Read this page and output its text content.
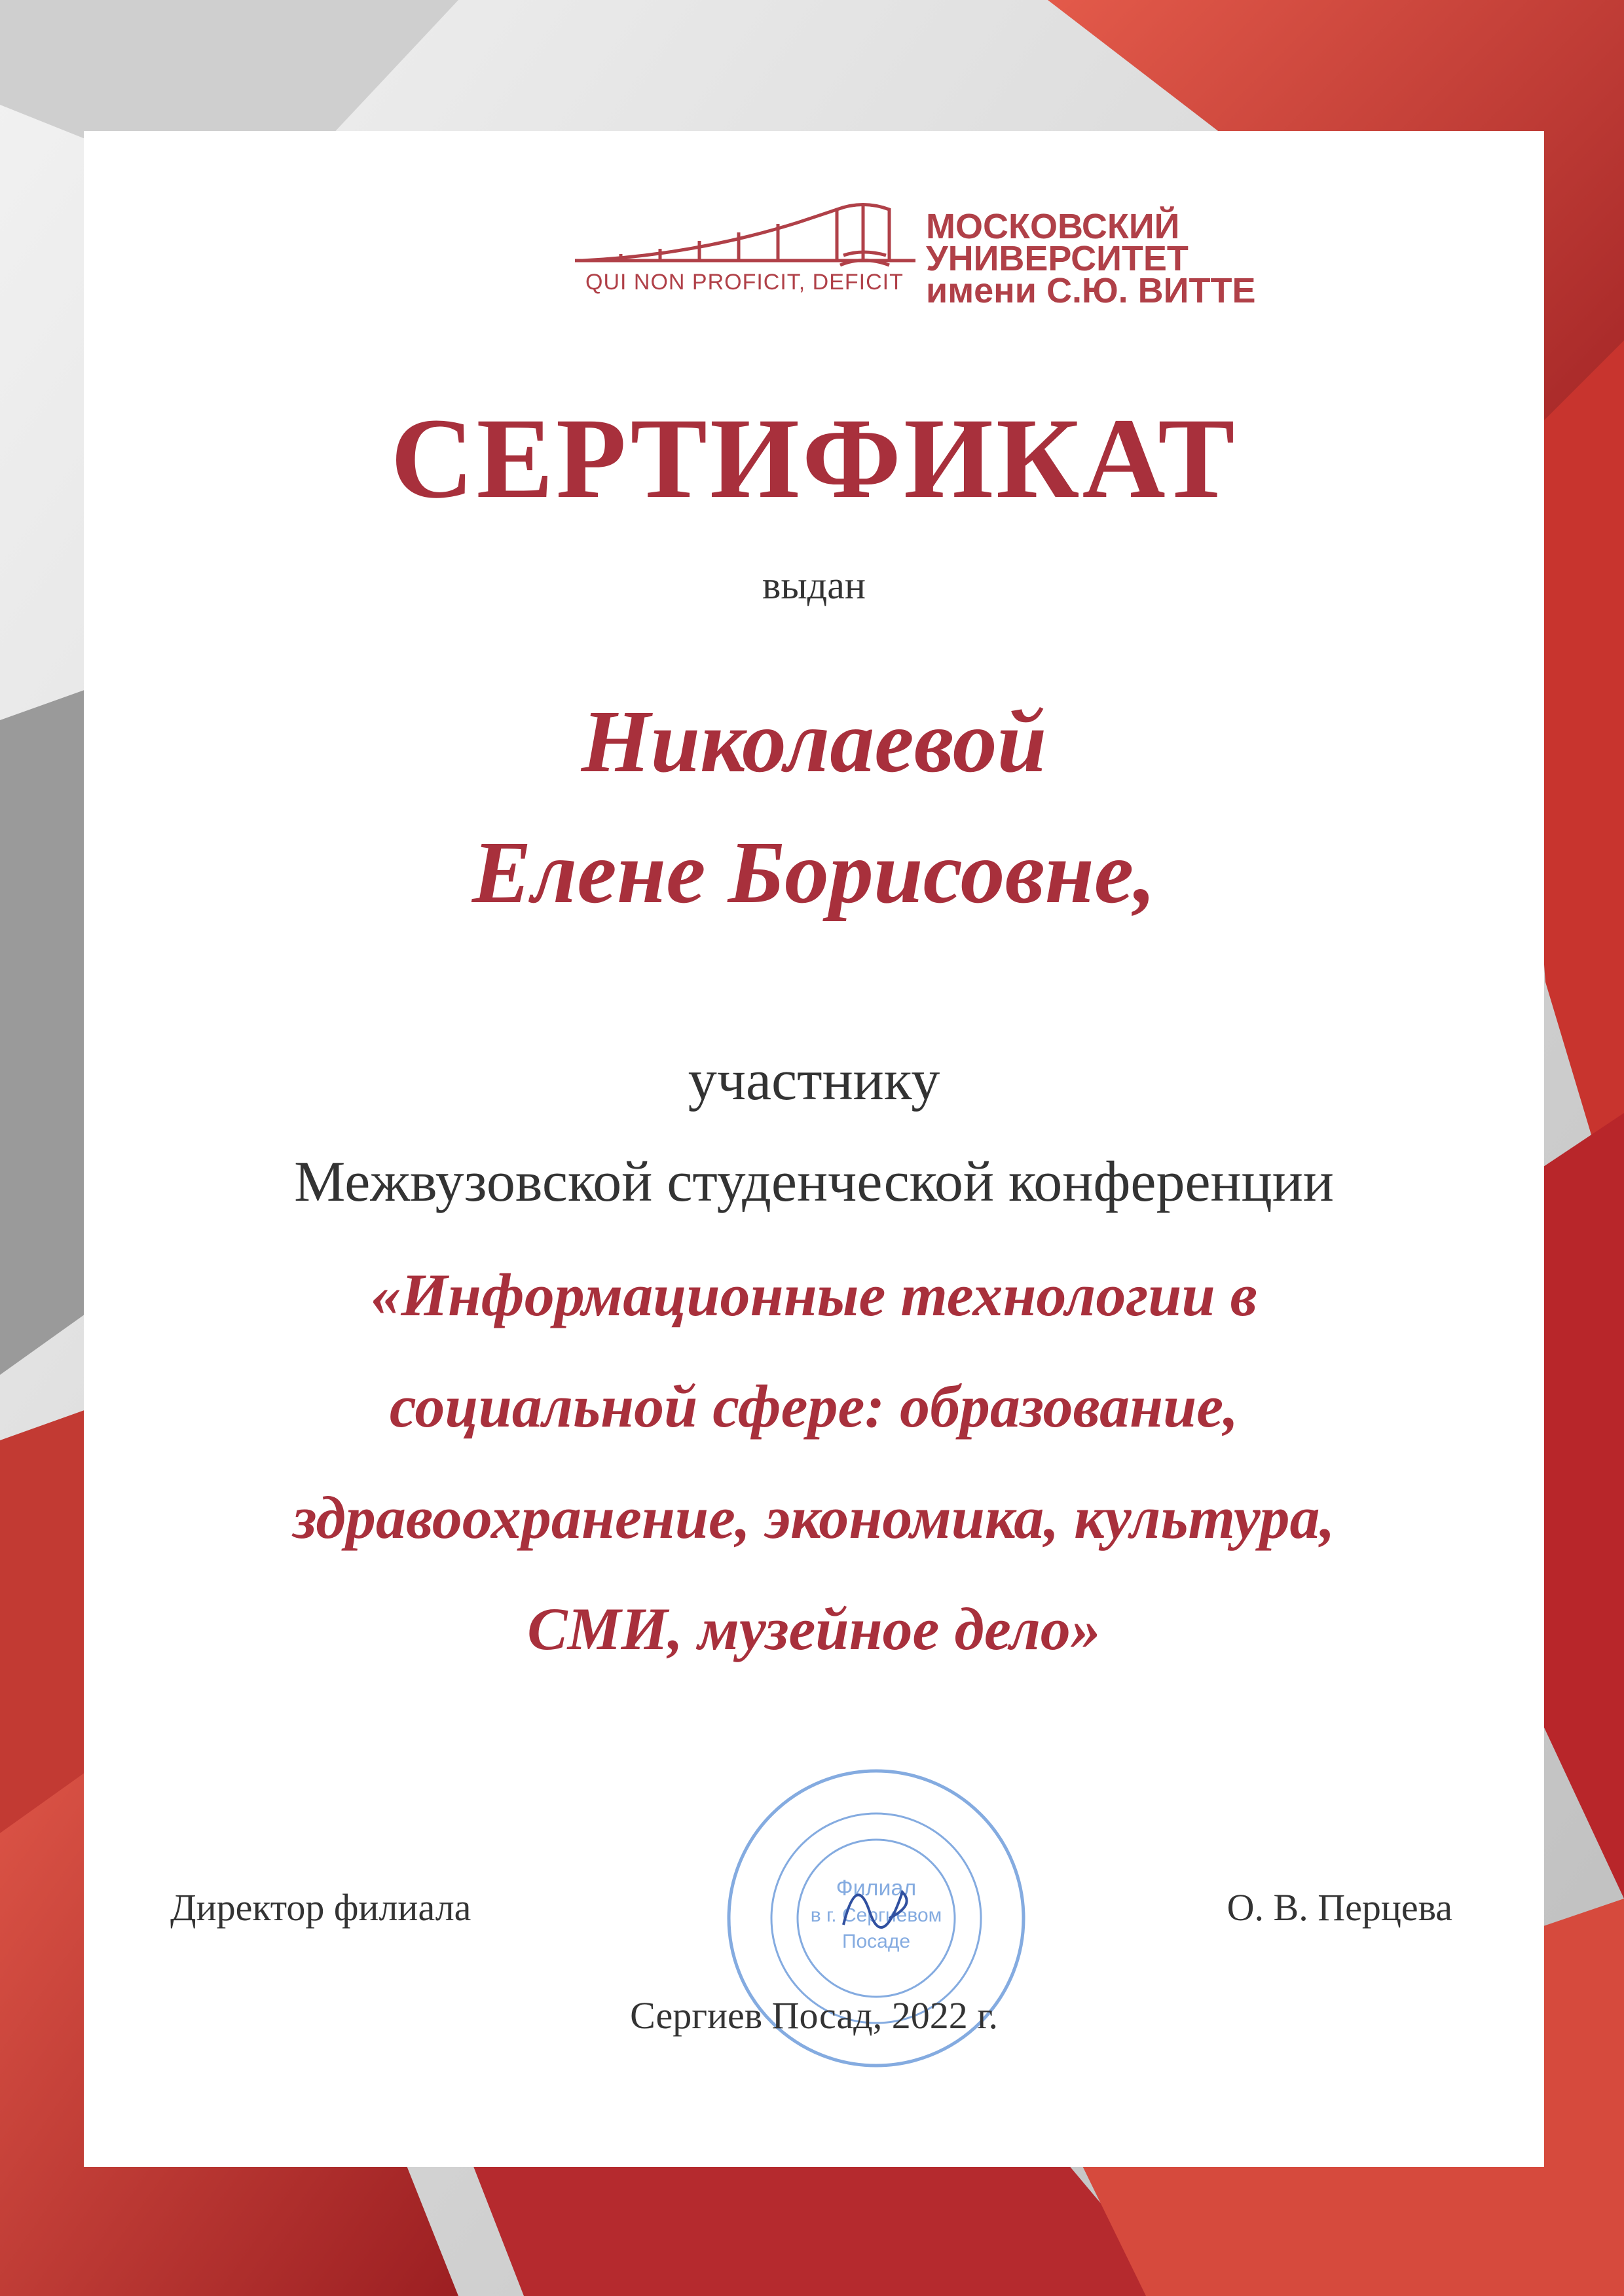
QUI NON PROFICIT, DEFICIT
МОСКОВСКИЙ
УНИВЕРСИТЕТ
имени С.Ю. ВИТТЕ
СЕРТИФИКАТ
выдан
Николаевой
Елене Борисовне,
участнику
Межвузовской студенческой конференции
«Информационные технологии в
социальной сфере: образование,
здравоохранение, экономика, культура,
СМИ, музейное дело»
Директор филиала	О. В. Перцева
Филиал
в г. Сергиевом
Посаде
Сергиев Посад, 2022 г.
